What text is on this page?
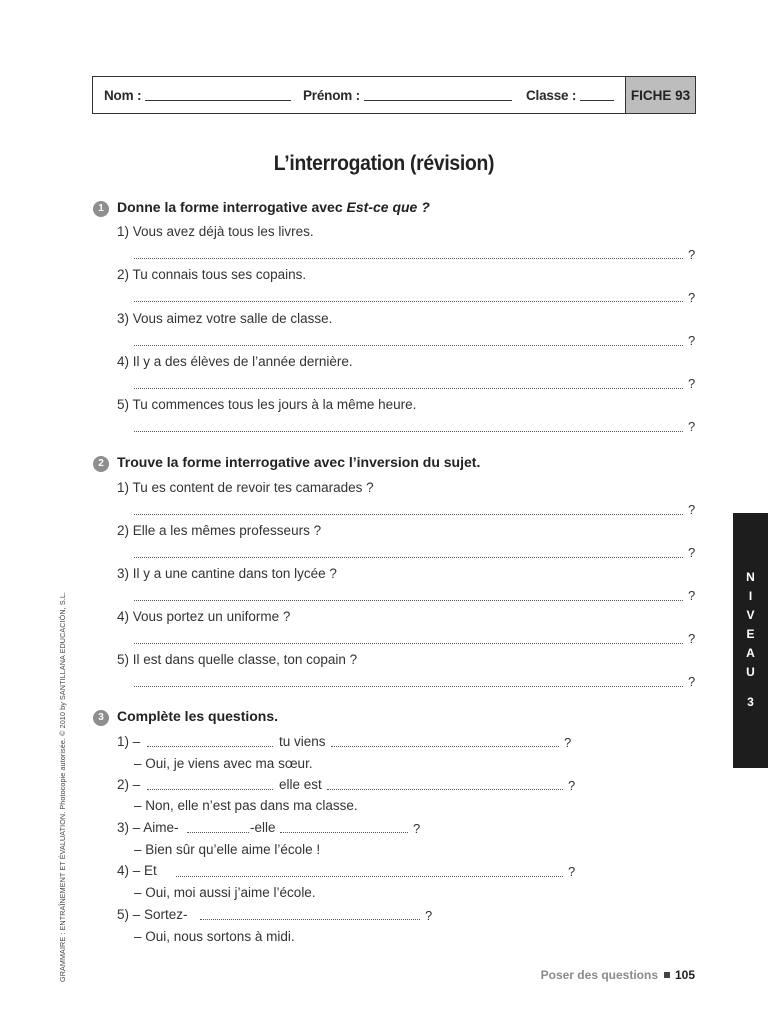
Nom :	Prénom :	Classe :	FICHE 93
L’interrogation (révision)
1 Donne la forme interrogative avec Est-ce que ?
1) Vous avez déjà tous les livres.
?
2) Tu connais tous ses copains.
?
3) Vous aimez votre salle de classe.
?
4) Il y a des élèves de l’année dernière.
?
5) Tu commences tous les jours à la même heure.
?
2 Trouve la forme interrogative avec l’inversion du sujet.
1) Tu es content de revoir tes camarades ?
?
2) Elle a les mêmes professeurs ?
?
3) Il y a une cantine dans ton lycée ?
?
4) Vous portez un uniforme ?
?
5) Il est dans quelle classe, ton copain ?
?
3 Complète les questions.
1) –	tu viens	?
– Oui, je viens avec ma sœur.
2) –	elle est	?
– Non, elle n’est pas dans ma classe.
3) – Aime-	-elle	?
– Bien sûr qu’elle aime l’école !
4) – Et	?
– Oui, moi aussi j’aime l’école.
5) – Sortez-	?
– Oui, nous sortons à midi.
N
I
V
E
A
U
3
GRAMMAIRE : ENTRAÎNEMENT ET ÉVALUATION. Photocopie autorisée. © 2010 by SANTILLANA EDUCACIÓN, S.L.	Poser des questions 105
